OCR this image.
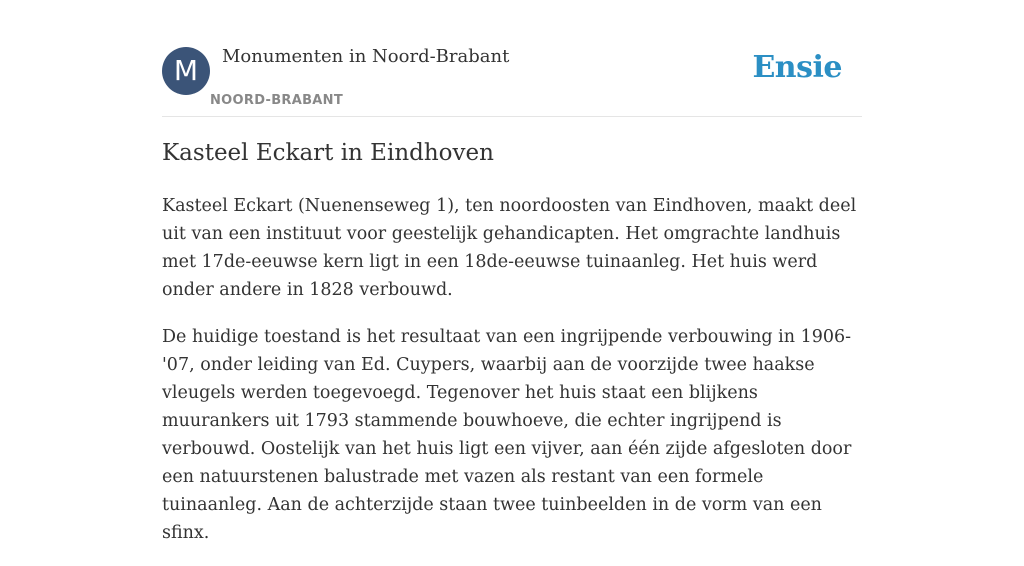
M	Monumenten in Noord-Brabant
NOORD-BRABANT
Ensie
Kasteel Eckart in Eindhoven

Kasteel Eckart (Nuenenseweg 1), ten noordoosten van Eindhoven, maakt deel uit van een instituut voor geestelijk gehandicapten. Het omgrachte landhuis met 17de-eeuwse kern ligt in een 18de-eeuwse tuinaanleg. Het huis werd onder andere in 1828 verbouwd.

De huidige toestand is het resultaat van een ingrijpende verbouwing in 1906-'07, onder leiding van Ed. Cuypers, waarbij aan de voorzijde twee haakse vleugels werden toegevoegd. Tegenover het huis staat een blijkens muurankers uit 1793 stammende bouwhoeve, die echter ingrijpend is verbouwd. Oostelijk van het huis ligt een vijver, aan één zijde afgesloten door een natuurstenen balustrade met vazen als restant van een formele tuinaanleg. Aan de achterzijde staan twee tuinbeelden in de vorm van een sfinx.
